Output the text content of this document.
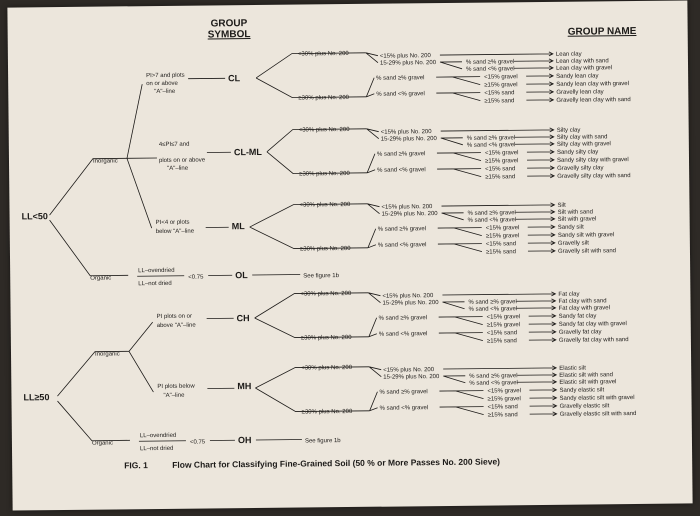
GROUP
SYMBOL	GROUP NAME
LL<50
LL≥50
Inorganic
Organic
Inorganic
Organic
PI>7 and plots
on or above
"A"–line
4≤PI≤7 and
plots on or above
"A"–line
PI<4 or plots
below "A"–line
PI plots on or
above "A"–line
PI plots below
"A"–line
CL
CL-ML
ML
OL
CH
MH
OH
LL–ovendried
LL–not dried
<0.75	See figure 1b
LL–ovendried
LL–not dried
<0.75	See figure 1b
FIG. 1	Flow Chart for Classifying Fine-Grained Soil (50 % or More Passes No. 200 Sieve)
<30% plus No. 200
≥30% plus No. 200
<15% plus No. 200
15-29% plus No. 200	% sand ≥% gravel
% sand <% gravel
% sand ≥% gravel
% sand <% gravel
<15% gravel
≥15% gravel
<15% sand
≥15% sand
Lean clay
Lean clay with sand
Lean clay with gravel
Sandy lean clay
Sandy lean clay with gravel
Gravelly lean clay
Gravelly lean clay with sand
<30% plus No. 200
≥30% plus No. 200
<15% plus No. 200
15-29% plus No. 200	% sand ≥% gravel
% sand <% gravel
% sand ≥% gravel
% sand <% gravel
<15% gravel
≥15% gravel
<15% sand
≥15% sand
Silty clay
Silty clay with sand
Silty clay with gravel
Sandy silty clay
Sandy silty clay with gravel
Gravelly silty clay
Gravelly silty clay with sand
<30% plus No. 200
≥30% plus No. 200
<15% plus No. 200
15-29% plus No. 200	% sand ≥% gravel
% sand <% gravel
% sand ≥% gravel
% sand <% gravel
<15% gravel
≥15% gravel
<15% sand
≥15% sand
Silt
Silt with sand
Silt with gravel
Sandy silt
Sandy silt with gravel
Gravelly silt
Gravelly silt with sand
<30% plus No. 200
≥30% plus No. 200
<15% plus No. 200
15-29% plus No. 200	% sand ≥% gravel
% sand <% gravel
% sand ≥% gravel
% sand <% gravel
<15% gravel
≥15% gravel
<15% sand
≥15% sand
Fat clay
Fat clay with sand
Fat clay with gravel
Sandy fat clay
Sandy fat clay with gravel
Gravelly fat clay
Gravelly fat clay with sand
<30% plus No. 200
≥30% plus No. 200
<15% plus No. 200
15-29% plus No. 200	% sand ≥% gravel
% sand <% gravel
% sand ≥% gravel
% sand <% gravel
<15% gravel
≥15% gravel
<15% sand
≥15% sand
Elastic silt
Elastic silt with sand
Elastic silt with gravel
Sandy elastic silt
Sandy elastic silt with gravel
Gravelly elastic silt
Gravelly elastic silt with sand
